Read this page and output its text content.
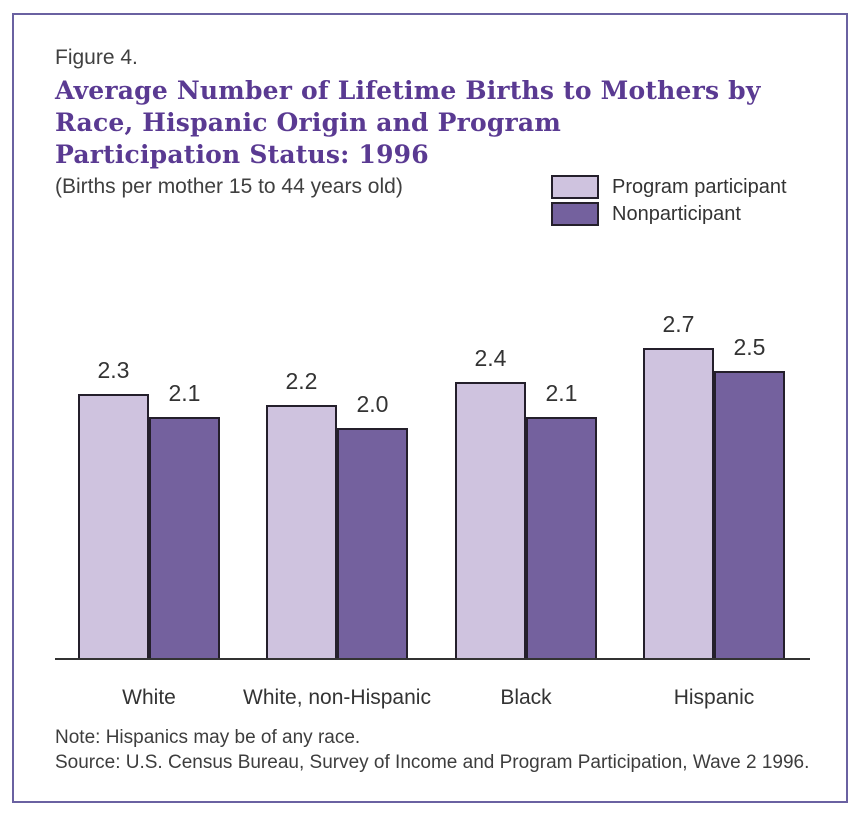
Figure 4.
Average Number of Lifetime Births to Mothers by
Race, Hispanic Origin and Program
Participation Status: 1996
(Births per mother 15 to 44 years old)	Program participant
Nonparticipant
2.3
2.1	2.2
2.0
2.4
2.1
2.7
2.5
White	White, non-Hispanic	Black	Hispanic
Note: Hispanics may be of any race.
Source: U.S. Census Bureau, Survey of Income and Program Participation, Wave 2 1996.
